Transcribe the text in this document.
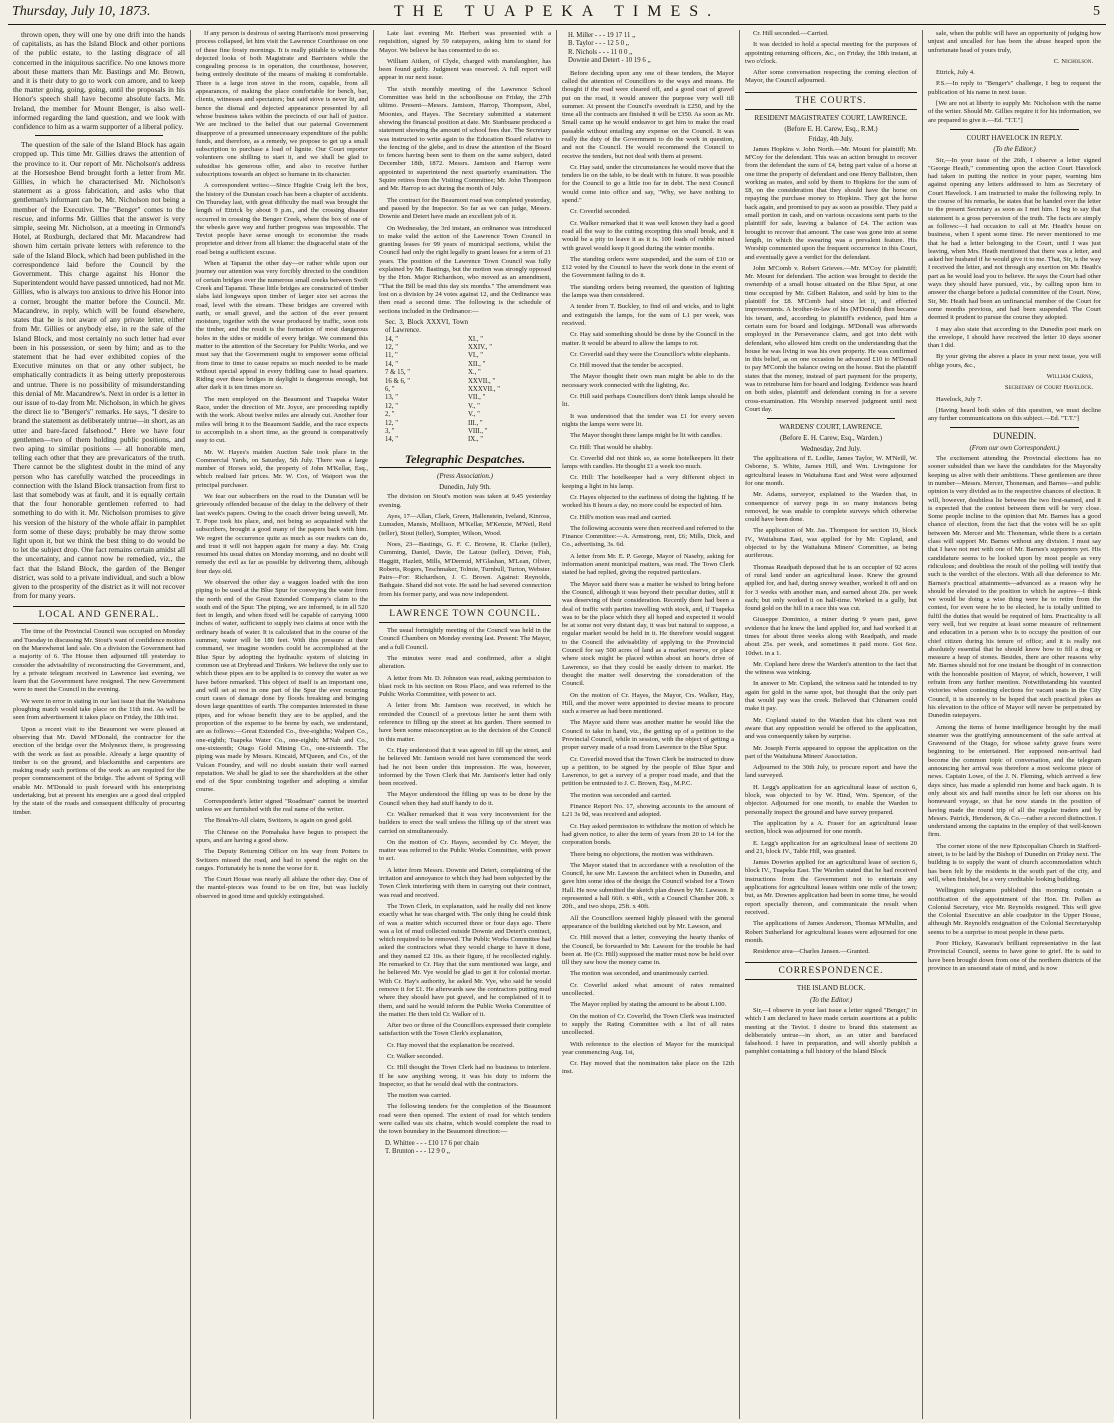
Thursday, July 10, 1873.	THE TUAPEKA TIMES.	5

thrown open, they will one by one drift into the hands of capitalists, as has the Island Block and other portions of the public estate, to the lasting disgrace of all concerned in the iniquitous sacrifice. No one knows more about these matters than Mr. Bastings and Mr. Brown, and it is their duty to go to work con amore, and to keep the matter going, going, going, until the proposals in his Honor's speech shall have become absolute facts. Mr. Ireland, the member for Mount Benger, is also well-informed regarding the land question, and we look with confidence to him as a warm supporter of a liberal policy.

The question of the sale of the Island Block has again cropped up. This time Mr. Gillies draws the attention of the province to it. Our report of Mr. Nicholson's address at the Horseshoe Bend brought forth a letter from Mr. Gillies, in which he characterised Mr. Nicholson's statement as a gross fabrication, and asks who that gentleman's informant can be, Mr. Nicholson not being a member of the Executive. The "Benger" comes to the rescue, and informs Mr. Gillies that the answer is very simple, seeing Mr. Nicholson, at a meeting in Ormond's Hotel, at Roxburgh, declared that Mr. Macandrew had shown him certain private letters with reference to the sale of the Island Block, which had been published in the correspondence laid before the Council by the Government. This charge against his Honor the Superintendent would have passed unnoticed, had not Mr. Gillies, who is always too anxious to drive his Honor into a corner, brought the matter before the Council. Mr. Macandrew, in reply, which will be found elsewhere, states that he is not aware of any private letter, either from Mr. Gillies or anybody else, in re the sale of the Island Block, and most certainly no such letter had ever been in his possession, or seen by him; and as to the statement that he had ever exhibited copies of the Executive minutes on that or any other subject, he emphatically contradicts it as being utterly preposterous and untrue. There is no possibility of misunderstanding this denial of Mr. Macandrew's. Next in order is a letter in our issue of to-day from Mr. Nicholson, in which he gives the direct lie to "Benger's" remarks. He says, "I desire to brand the statement as deliberately untrue—in short, as an utter and bare-faced falsehood." Here we have four gentlemen—two of them holding public positions, and two aping to similar positions — all honorable men, telling each other that they are prevaricators of the truth. There cannot be the slightest doubt in the mind of any person who has carefully watched the proceedings in connection with the Island Block transaction from first to last that somebody was at fault, and it is equally certain that the four honorable gentlemen referred to had something to do with it. Mr. Nicholson promises to give his version of the history of the whole affair in pamphlet form some of these days; probably he may throw some light upon it, but we think the best thing to do would be to let the subject drop. One fact remains certain amidst all the uncertainty, and cannot now be remedied, viz., the fact that the Island Block, the garden of the Benger district, was sold to a private individual, and such a blow given to the prosperity of the district as it will not recover from for many years.

LOCAL AND GENERAL.

The time of the Provincial Council was occupied on Monday and Tuesday in discussing Mr. Stout's want of confidence motion on the Marewhenui land sale. On a division the Government had a majority of 6. The House then adjourned till yesterday to consider the advisability of reconstructing the Government, and, by a private telegram received in Lawrence last evening, we learn that the Government have resigned. The new Government were to meet the Council in the evening.

We were in error in stating in our last issue that the Waitahuna ploughing match would take place on the 11th inst. As will be seen from advertisement it takes place on Friday, the 18th inst.

Upon a recent visit to the Beaumont we were pleased at observing that Mr. David M'Donald, the contractor for the erection of the bridge over the Molyneux there, is progressing with the work as fast as possible. Already a large quantity of timber is on the ground, and blacksmiths and carpenters are making ready such portions of the work as are required for the proper commencement of the bridge. The advent of Spring will enable Mr. M'Donald to push forward with his enterprising undertaking, but at present his energies are a good deal crippled by the state of the roads and consequent difficulty of procuring timber.

If any person is desirous of seeing Harrison's most preserving process collapsed, let him visit the Lawrence Courthouse on one of these fine frosty mornings. It is really pitiable to witness the dejected looks of both Magistrate and Barristers while the congealing process is in operation, the courthouse, however, being entirely destitute of the means of making it comfortable. There is a large iron stove in the room, capable, from all appearances, of making the place comfortable for bench, bar, clients, witnesses and spectators; but said stove is never lit, and hence the dismal and dejected appearance presented by all whose business takes within the precincts of our hall of justice. We are inclined to the belief that our paternal Government disapprove of a presumed unnecessary expenditure of the public funds, and therefore, as a remedy, we propose to get up a small subscription to purchase a load of lignite. Our Court reporter volunteers one shilling to start it, and we shall be glad to subsidise his generous offer, and also to receive further subscriptions towards an object so humane in its character.

A correspondent writes:—Since Hughie Craig left the box, the history of the Dunstan coach has been a chapter of accidents. On Thursday last, with great difficulty the mail was brought the length of Ettrick by about 9 p.m., and the crossing disaster occurred in crossing the Benger Creek, where the box of one of the wheels gave way and further progress was impossible. The Teviot people have sense enough to economise the roads proprietor and driver from all blame: the disgraceful state of the road being a sufficient excuse.

When at Tapanui the other day—or rather while upon our journey our attention was very forcibly directed to the condition of certain bridges over the numerous small creeks between Swift Creek and Tapanui. These little bridges are constructed of timber slabs laid longways upon timber of larger size set across the road, level with the stream. These bridges are covered with earth, or small gravel, and the action of the ever present moisture, together with the wear produced by traffic, soon rots the timber, and the result is the formation of most dangerous holes in the sides or middle of every bridge. We commend this matter to the attention of the Secretary for Public Works, and we must say that the Government ought to empower some official from time to time to cause repairs so much needed to be made without special appeal in every fiddling case to head quarters. Riding over these bridges in daylight is dangerous enough, but after dark it is ten times more so.

The men employed on the Beaumont and Tuapeka Water Race, under the direction of Mr. Joyce, are proceeding rapidly with the work. About twelve miles are already cut. Another four miles will bring it to the Beaumont Saddle, and the race expects to accomplish in a short time, as the ground is comparatively easy to cut.

Mr. W. Hayes's maiden Auction Sale took place in the Commercial Yards, on Saturday, 5th July. There was a large number of Horses sold, the property of John M'Kellar, Esq., which realised fair prices. Mr. W. Cox, of Waipori was the principal purchaser.

We fear our subscribers on the road to the Dunstan will be grievously offended because of the delay in the delivery of their last week's papers. Owing to the coach driver being unwell, Mr. T. Pope took his place, and, not being so acquainted with the subscribers, brought a good many of the papers back with him. We regret the occurrence quite as much as our readers can do, and trust it will not happen again for many a day. Mr. Craig resumed his usual duties on Monday morning, and no doubt will remedy the evil as far as possible by delivering them, although four days old.

We observed the other day a waggon loaded with the iron piping to be used at the Blue Spur for conveying the water from the north end of the Great Extended Company's claim to the south end of the Spur. The piping, we are informed, is in all 520 feet in length, and when fixed will be capable of carrying 1000 inches of water, sufficient to supply two claims at once with the ordinary heads of water. It is calculated that in the course of the summer, water will be 180 feet. With this pressure at their command, we imagine wonders could be accomplished at the Blue Spur by adopting the hydraulic system of sluicing in common use at Drybread and Tinkers. We believe the only use to which these pipes are to be applied is to convey the water as we have before remarked. This object of itself is an important one, and will set at rest in one part of the Spur the ever recurring court cases of damage done by floods breaking and bringing down large quantities of earth. The companies interested in these pipes, and for whose benefit they are to be applied, and the proportion of the expense to be borne by each, we understand, are as follows:—Great Extended Co., five-eighths; Walpert Co., one-eighth; Tuapeka Water Co., one-eighth; M'Nab and Co., one-sixteenth; Otago Gold Mining Co., one-sixteenth. The piping was made by Messrs. Kincaid, M'Queen, and Co., of the Vulcan Foundry, and will no doubt sustain their well earned reputation. We shall be glad to see the shareholders at the other end of the Spur combining together and adopting a similar course.

Correspondent's letter signed "Roadman" cannot be inserted unless we are furnished with the real name of the writer.

The Break'm-All claim, Switzers, is again on good gold.

The Chinese on the Pomahaka have begun to prospect the spurs, and are having a good show.

The Deputy Returning Officer on his way from Potters to Switzers missed the road, and had to spend the night on the ranges. Fortunately he is none the worse for it.

The Court House was nearly all ablaze the other day. One of the mantel-pieces was found to be on fire, but was luckily observed in good time and quickly extinguished.

Late last evening Mr. Herbert was presented with a requisition, signed by 59 ratepayers, asking him to stand for Mayor. We believe he has consented to do so.

William Aitken, of Clyde, charged with manslaughter, has been found guilty. Judgment was reserved. A full report will appear in our next issue.

The sixth monthly meeting of the Lawrence School Committee was held in the schoolhouse on Friday, the 27th ultimo. Present—Messrs. Jamison, Harrop, Thompson, Abel, Moonies, and Hayes. The Secretary submitted a statement showing the financial position at date. Mr. Stanbuane produced a statement showing the amount of school fees due. The Secretary was instructed to write again to the Education Board relative to the fencing of the glebe, and to draw the attention of the Board to fences having been sent to them on the same subject, dated December 18th, 1872. Messrs. Jamison and Harrop were appointed to superintend the next quarterly examination. The Squire retires from the Visiting Committee; Mr. John Thompson and Mr. Harrop to act during the month of July.

The contract for the Beaumont road was completed yesterday, and passed by the Inspector. So far as we can judge, Messrs. Downie and Detert have made an excellent job of it.

On Wednesday, the 3rd instant, an ordinance was introduced to make valid the action of the Lawrence Town Council in granting leases for 99 years of municipal sections, whilst the Council had only the right legally to grant leases for a term of 21 years. The position of the Lawrence Town Council was fully explained by Mr. Bastings, but the motion was strongly opposed by the Hon. Major Richardson, who moved as an amendment, "That the Bill be read this day six months." The amendment was lost on a division by 24 votes against 12, and the Ordinance was then read a second time. The following is the schedule of sections included in the Ordinance:—

Sec. 3, Block XXXVI, Town of Lawrence.
14, "	XI., "
12, "	XXIV., "
11, "	VI., "
14, "	XII., "
7 & 15, "	X., "
16 & 6, "	XXVII., "
6, "	XXXVII., "
13, "	VII., "
12, "	V., "
2, "	V., "
12, "	III., "
3, "	VIII., "
14, "	IX., "
Telegraphic Despatches.
(Press Association.)
Dunedin, July 9th.

The division on Stout's motion was taken at 9.45 yesterday evening.

Ayes, 17—Allan, Clark, Green, Hallenstein, Iveland, Kinross, Lumsden, Mansis, Mollison, M'Kellar, M'Kenzie, M'Neil, Reid (teller), Stout (teller), Sumpter, Wilson, Wood.

Noes, 23—Bastings, G. F. C. Browne, R. Clarke (teller), Cumming, Daniel, Davie, De Latour (teller), Driver, Fish, Haggitt, Hazlett, Mills, M'Dermid, M'Glashan, M'Lean, Oliver, Roberts, Rogers, Teschmaker, Tolmie, Turnbull, Turton, Webster. Pairs—For: Richardson, J. C. Brown. Against: Reynolds, Bathgate. Shand did not vote. He said he had severed connection from his former party, and was now independent.

LAWRENCE TOWN COUNCIL.

The usual fortnightly meeting of the Council was held in the Council Chambers on Monday evening last. Present: The Mayor, and a full Council.

The minutes were read and confirmed, after a slight alteration.

A letter from Mr. D. Johnston was read, asking permission to blast rock in his section on Ross Place, and was referred to the Public Works Committee, with power to act.

A letter from Mr. Jamison was received, in which he reminded the Council of a previous letter he sent them with reference to filling up the street at his garden. There seemed to have been some misconception as to the decision of the Council in this matter.

Cr. Hay understood that it was agreed to fill up the street, and he believed Mr. Jamison would not have commenced the work had he not been under this impression. He was, however, informed by the Town Clerk that Mr. Jamison's letter had only been received.

The Mayor understood the filling up was to be done by the Council when they had stuff handy to do it.

Cr. Walker remarked that it was very inconvenient for the builders to erect the wall unless the filling up of the street was carried on simultaneously.

On the motion of Cr. Hayes, seconded by Cr. Meyer, the matter was referred to the Public Works Committee, with power to act.

A letter from Messrs. Downie and Detert, complaining of the irritation and annoyance to which they had been subjected by the Town Clerk interfering with them in carrying out their contract, was read and received.

The Town Clerk, in explanation, said he really did not know exactly what he was charged with. The only thing he could think of was a matter which occurred three or four days ago. There was a lot of mud collected outside Downie and Detert's contract, which required to be removed. The Public Works Committee had asked the contractors what they would charge to have it done, and they named £2 10s. as their figure, if he recollected rightly. He remarked to Cr. Hay that the sum mentioned was large, and he believed Mr. Vye would be glad to get it for colonial mortar. With Cr. Hay's authority, he asked Mr. Vye, who said he would remove it for £1. He afterwards saw the contractors putting mud where they should have put gravel, and he complained of it to them, and said he would inform the Public Works Committee of the matter. He then told Cr. Walker of it.

After two or three of the Councillors expressed their complete satisfaction with the Town Clerk's explanation,

Cr. Hay moved that the explanation be received.

Cr. Walker seconded.

Cr. Hill thought the Town Clerk had no business to interfere. If he saw anything wrong, it was his duty to inform the Inspector, so that he would deal with the contractors.

The motion was carried.

The following tenders for the completion of the Beaumont road were then opened. The extent of road for which tenders were called was six chains, which would complete the road to the town boundary in the Beaumont direction:—

D. Whittee - - - £10 17 6 per chain
T. Brunton - - - 12 9 0 ,,
H. Miller - - - 19 17 11 ,,
B. Taylor - - - 12 5 0 ,,
R. Nichols - - - 11 0 0 ,,
Downie and Detert - 10 19 6 ,,

Before deciding upon any one of these tenders, the Mayor called the attention of Councillors to the ways and means. He thought if the road were cleared off, and a good coat of gravel put on the road, it would answer the purpose very well till summer. At present the Council's overdraft is £250, and by the time all the contracts are finished it will be £350. As soon as Mr. Small came up he would endeavor to get him to make the road passable without entailing any expense on the Council. It was really the duty of the Government to do the work in question, and not the Council. He would recommend the Council to receive the tenders, but not deal with them at present.

Cr. Hay said, under the circumstances he would move that the tenders lie on the table, to be dealt with in future. It was possible for the Council to go a little too far in debt. The next Council would come into office and say, "Why, we have nothing to spend."

Cr. Coverlid seconded.

Cr. Walker remarked that it was well known they had a good road all the way to the cutting excepting this small break, and it would be a pity to leave it as it is. 100 loads of rubble mixed with gravel would keep it good during the winter months.

The standing orders were suspended, and the sum of £10 or £12 voted by the Council to have the work done in the event of the Government failing to do it.

The standing orders being resumed, the question of lighting the lamps was then considered.

A tender from T. Buckley, to find oil and wicks, and to light and extinguish the lamps, for the sum of L1 per week, was received.

Cr. Hay said something should be done by the Council in the matter. It would be absurd to allow the lamps to rot.

Cr. Coverlid said they were the Councillor's white elephants.

Cr. Hill moved that the tender be accepted.

The Mayor thought their own man might be able to do the necessary work connected with the lighting, &c.

Cr. Hill said perhaps Councillors don't think lamps should be lit.

It was understood that the tender was £1 for every seven nights the lamps were were lit.

The Mayor thought three lamps might be lit with candles.

Cr. Hill: That would be shabby.

Cr. Coverlid did not think so, as some hotelkeepers lit their lamps with candles. He thought £1 a week too much.

Cr. Hill: The hotelkeeper had a very different object in keeping a light in his lamp.

Cr. Hayes objected to the earliness of doing the lighting. If he worked his 8 hours a day, no more could be expected of him.

Cr. Hill's motion was read and carried.

The following accounts were then received and referred to the Finance Committee:—A. Armstrong, rent, £6; Mills, Dick, and Co., advertising, 3s. 6d.

A letter from Mr. E. P. George, Mayor of Naseby, asking for information anent municipal matters, was read. The Town Clerk stated he had replied, giving the required particulars.

The Mayor said there was a matter he wished to bring before the Council, although it was beyond their peculiar duties, still it was deserving of their consideration. Recently there had been a deal of traffic with parties travelling with stock, and, if Tuapeka was to be the place which they all hoped and expected it would be at some not very distant day, it was but natural to suppose, a regular market would be held in it. He therefore would suggest to the Council the advisability of applying to the Provincial Council for say 500 acres of land as a market reserve, or place where stock might be placed within about an hour's drive of Lawrence, so that they could be easily driven to market. He thought the matter well deserving the consideration of the Council.

On the motion of Cr. Hayes, the Mayor, Crs. Walker, Hay, Hill, and the mover were appointed to devise means to procure such a reserve as had been mentioned.

The Mayor said there was another matter he would like the Council to take in hand, viz., the getting up of a petition to the Provincial Council, while in session, with the object of getting a proper survey made of a road from Lawrence to the Blue Spur.

Cr. Coverlid moved that the Town Clerk be instructed to draw up a petition, to be signed by the people of Blue Spur and Lawrence, to get a survey of a proper road made, and that the petition be entrusted to J. C. Brown, Esq., M.P.C.

The motion was seconded and carried.

Finance Report No. 17, showing accounts to the amount of L21 3s 9d, was received and adopted.

Cr. Hay asked permission to withdraw the motion of which he had given notice, to alter the term of years from 20 to 14 for the corporation bonds.

There being no objections, the motion was withdrawn.

The Mayor stated that in accordance with a resolution of the Council, he saw Mr. Lawson the architect when in Dunedin, and gave him some idea of the design the Council wished for a Town Hall. He now submitted the sketch plan drawn by Mr. Lawson. It represented a hall 66ft. x 40ft., with a Council Chamber 20ft. x 20ft., and two shops, 25ft. x 40ft.

All the Councillors seemed highly pleased with the general appearance of the building sketched out by Mr. Lawson, and

Cr. Hill moved that a letter, conveying the hearty thanks of the Council, be forwarded to Mr. Lawson for the trouble he had been at. He (Cr. Hill) supposed the matter must now be held over till they saw how the money came in.

The motion was seconded, and unanimously carried.

Cr. Coverlid asked what amount of rates remained uncollected.

The Mayor replied by stating the amount to be about L100.

On the motion of Cr. Coverlid, the Town Clerk was instructed to supply the Rating Committee with a list of all rates uncollected.

With reference to the election of Mayor for the municipal year commencing Aug. 1st,

Cr. Hay moved that the nomination take place on the 12th inst.

Cr. Hill seconded.—Carried.

It was decided to hold a special meeting for the purposes of appointing returning officers, &c., on Friday, the 18th instant, at two o'clock.

After some conversation respecting the coming election of Mayor, the Council adjourned.

THE COURTS.
RESIDENT MAGISTRATES' COURT, LAWRENCE.
(Before E. H. Carew, Esq., R.M.)
Friday, 4th July.

James Hopkins v. John North.—Mr. Mount for plaintiff; Mr. M'Coy for the defendant. This was an action brought to recover from the defendant the sum of £4, being part value of a horse at one time the property of defendant and one Henry Balliston, then working as mates, and sold by them to Hopkins for the sum of £8, on the consideration that they should have the horse on repaying the purchase money to Hopkins. They got the horse back again, and promised to pay as soon as possible. They paid a small portion in cash, and on various occasions sent parts to the plaintiff for sale, leaving a balance of £4. The action was brought to recover that amount. The case was gone into at some length, in which the swearing was a prevalent feature. His Worship commented upon the frequent occurrence in this Court, and eventually gave a verdict for the defendant.

John M'Comb v. Robert Grieves.—Mr. M'Coy for plaintiff; Mr. Mount for defendant. The action was brought to decide the ownership of a small house situated on the Blue Spur, at one time occupied by Mr. Gilbert Ralston, and sold by him to the plaintiff for £8. M'Comb had since let it, and effected improvements. A brother-in-law of his (M'Donald) then became his tenant, and, according to plaintiff's evidence, paid him a certain sum for board and lodgings. M'Donall was afterwards employed in the Perseverance claim, and got into debt with defendant, who allowed him credit on the understanding that the house he was living in was his own property. He was confirmed in this belief, as on one occasion he advanced £10 to M'Donall to pay M'Comb the balance owing on the house. But the plaintiff states that the money, instead of part payment for the property, was to reimburse him for board and lodging. Evidence was heard on both sides, plaintiff and defendant coming in for a severe cross-examination. His Worship reserved judgment until next Court day.

WARDENS' COURT, LAWRENCE.
(Before E. H. Carew, Esq., Warden.)
Wednesday, 2nd July.

The applications of E. Lodlie, James Taylor, W. M'Neill, W. Osborne, S. White, James Hill, and Wm. Livingstone for agricultural leases in Waitahuna East and West were adjourned for one month.

Mr. Adams, surveyor, explained to the Warden that, in consequence of survey pegs in so many instances being removed, he was unable to complete surveys which otherwise could have been done.

The application of Mr. Jas. Thompson for section 19, block IV., Waitahuna East, was applied for by Mr. Copland, and objected to by the Waitahuna Miners' Committee, as being auriferous.

Thomas Readpath deposed that he is an occupier of 92 acres of rural land under an agricultural lease. Knew the ground applied for, and had, during snowy weather, worked it off and on for 3 weeks with another man, and earned about 20s. per week each; but only worked it on half-time. Worked in a gully, but found gold on the hill in a race this was cut.

Giuseppe Dominico, a miner during 9 years past, gave evidence that he knew the land applied for, and had worked it at times for about three weeks along with Readpath, and made about 25s. per week, and sometimes it paid more. Got 6oz. 10dwt. in a 1.

Mr. Copland here drew the Warden's attention to the fact that the witness was winking.

In answer to Mr. Copland, the witness said he intended to try again for gold in the same spot, but thought that the only part that would pay was the creek. Believed that Chinamen could make it pay.

Mr. Copland stated to the Warden that his client was not aware that any opposition would be offered to the application, and was consequently taken by surprise.

Mr. Joseph Ferris appeared to oppose the application on the part of the Waitahuna Miners' Association.

Adjourned to the 30th July, to procure report and have the land surveyed.

H. Legg's application for an agricultural lease of section 6, block, was objected to by W. Hind, Wm. Spencer, of the objector. Adjourned for one month, to enable the Warden to personally inspect the ground and have survey prepared.

The application by a A. Fraser for an agricultural lease section, block was adjourned for one month.

E. Legg's application for an agricultural lease of sections 20 and 21, block IV., Table Hill, was granted.

James Dowries applied for an agricultural lease of section 6, block IV., Tuapeka East. The Warden stated that he had received instructions from the Government not to entertain any applications for agricultural leases within one mile of the town; but, as Mr. Downes application had been in some time, he would report specially thereon, and communicate the result when received.

The applications of James Anderson, Thomas M'Mullin, and Robert Sutherland for agricultural leases were adjourned for one month.

Residence area—Charles Jansen.—Granted.

CORRESPONDENCE.
THE ISLAND BLOCK.
(To the Editor.)

Sir,—I observe in your last issue a letter signed "Benger," in which I am declared to have made certain assertions at a public meeting at the Teviot. I desire to brand this statement as deliberately untrue—in short, as an utter and barefaced falsehood. I have in preparation, and will shortly publish a pamphlet containing a full history of the Island Block

sale, when the public will have an opportunity of judging how unjust and uncalled for has been the abuse heaped upon the unfortunate head of yours truly,

C. Nicholson.

Ettrick, July 4.

P.S.—In reply to "Benger's" challenge, I beg to request the publication of his name in next issue.

[We are not at liberty to supply Mr. Nicholson with the name of the writer. Should Mr. Gillies require it for his information, we are prepared to give it.—Ed. "T.T."]

COURT HAVELOCK IN REPLY.
(To the Editor.)

Sir,—In your issue of the 26th, I observe a letter signed "George Heath," commenting upon the action Court Havelock had taken in putting the notice in your paper, warning him against opening any letters addressed to him as Secretary of Court Havelock. I am instructed to make the following reply. In the course of his remarks, he states that he handed over the letter to the present Secretary as soon as I met him. I beg to say that statement is a gross perversion of the truth. The facts are simply as follows:—I had occasion to call at Mr. Heath's house on business, when I spent some time. He never mentioned to me that he had a letter belonging to the Court, until I was just leaving, when Mrs. Heath mentioned that there was a letter, and asked her husband if he would give it to me. That, Sir, is the way I received the letter, and not through any exertion on Mr. Heath's part as he would lead you to believe. He says the Court had other ways they should have pursued, viz., by calling upon him to answer the charge before a judicial committee of the Court. Now, Sir, Mr. Heath had been an unfinancial member of the Court for some months previous, and had been suspended. The Court deemed it prudent to pursue the course they adopted.

I may also state that according to the Dunedin post mark on the envelope, I should have received the letter 10 days sooner than I did.

By your giving the above a place in your next issue, you will oblige yours, &c.,

William Cairns,
Secretary of Court Havelock.

Havelock, July 7.

[Having heard both sides of this question, we must decline any further communications on this subject.—Ed. "T.T."]

DUNEDIN.
(From our own Correspondent.)

The excitement attending the Provincial elections has no sooner subsided than we have the candidates for the Mayoralty keeping us alive with their ambitions. These gentlemen are three in number—Messrs. Mercer, Thoneman, and Barnes—and public opinion is very divided as to the respective chances of election. It will, however, doubtless lie between the two first-named, and it is expected that the contest between them will be very close. Some people incline to the opinion that Mr. Barnes has a good chance of election, from the fact that the votes will be so split between Mr. Mercer and Mr. Thoneman, while there is a certain class will support Mr. Barnes without any division. I must say that I have not met with one of Mr. Barnes's supporters yet. His candidature seems to be looked upon by most people as very ridiculous; and doubtless the result of the polling will testify that such is the verdict of the electors. With all due deference to Mr. Barnes's practical attainments—advanced as a reason why he should be elevated to the position to which he aspires—I think we would be doing a wise thing were he to retire from the contest, for even were he to be elected, he is totally unfitted to fulfil the duties that would be required of him. Practicality is all very well, but we require at least some measure of refinement and education in a person who is to occupy the position of our chief citizen during his tenure of office; and it is really not absolutely essential that he should know how to fill a drag or measure a heap of stones. Besides, there are other reasons why Mr. Barnes should not for one instant be thought of in connection with the honorable position of Mayor, of which, however, I will refrain from any further mention. Notwithstanding his vaunted victories when contesting elections for vacant seats in the City Council, it is sincerely to be hoped that such practical jokes as his elevation to the office of Mayor will never be perpetrated by Dunedin ratepayers.

Among the items of home intelligence brought by the mail steamer was the gratifying announcement of the safe arrival at Gravesend of the Otago, for whose safety grave fears were beginning to be entertained. Her supposed non-arrival had become the common topic of conversation, and the telegram announcing her arrival was therefore a most welcome piece of news. Captain Lowe, of the J. N. Fleming, which arrived a few days since, has made a splendid run home and back again. It is only about six and half months since he left our shores on his homeward voyage, so that he now stands in the position of having made the round trip of all the regular traders and by Messrs. Patrick, Henderson, & Co.—rather a record distinction. I understand among the captains in the employ of that well-known firm.

The corner stone of the new Episcopalian Church in Stafford-street, is to be laid by the Bishop of Dunedin on Friday next. The building is to supply the want of church accommodation which has been felt by the residents in the south part of the city, and will, when finished, be a very creditable looking building.

Wellington telegrams published this morning contain a notification of the appointment of the Hon. Dr. Pollen as Colonial Secretary, vice Mr. Reynolds resigned. This will give the Colonial Executive an able coadjutor in the Upper House, although Mr. Reynold's resignation of the Colonial Secretaryship seems to be a surprise to most people in these parts.

Poor Hickey, Kawarau's brilliant representative in the last Provincial Council, seems to have gone to grief. He is said to have been brought down from one of the northern districts of the province in an unsound state of mind, and is now
